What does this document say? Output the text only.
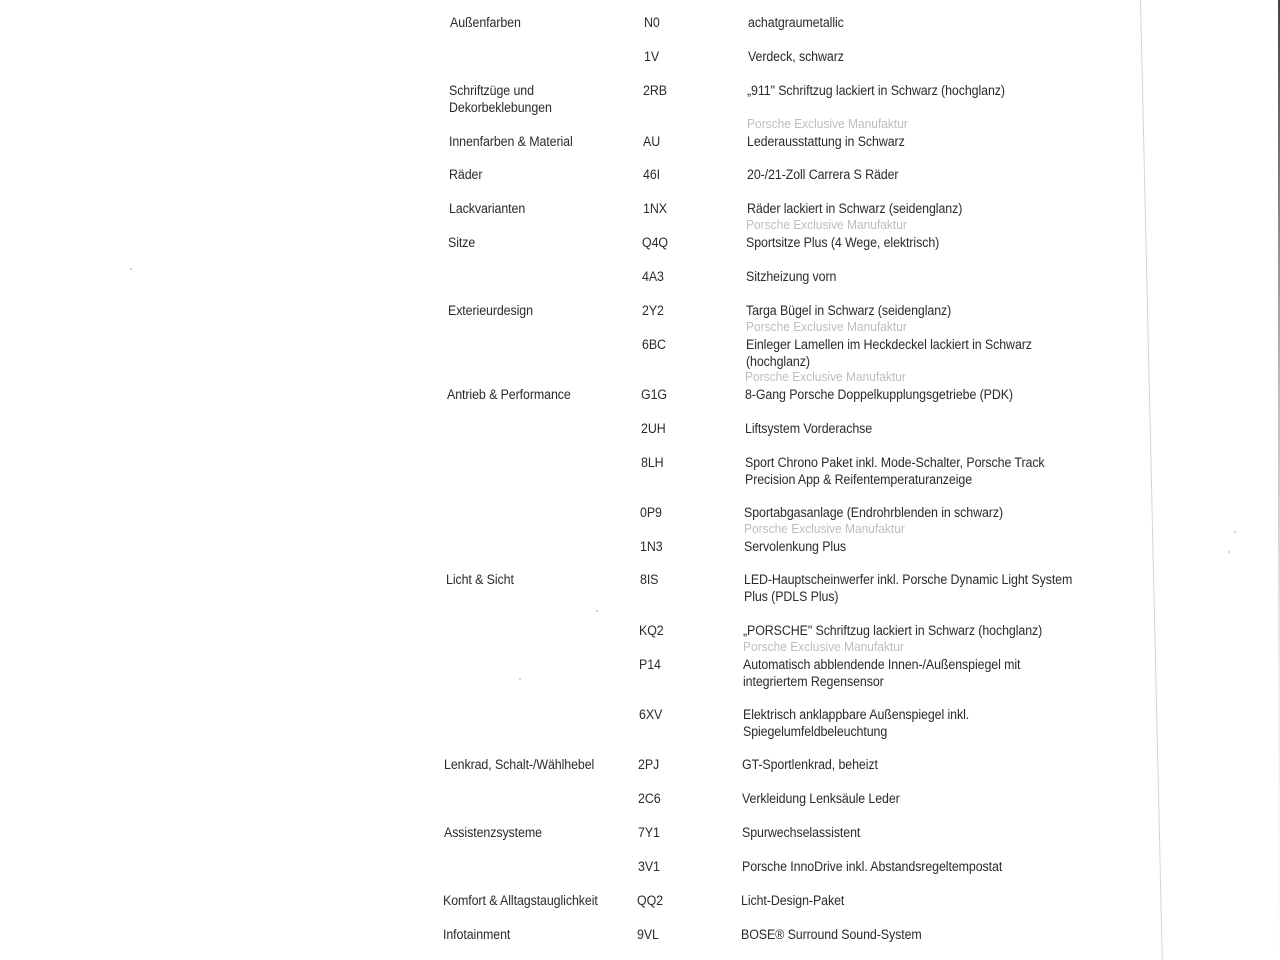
Außenfarben	N0	achatgraumetallic
1V	Verdeck, schwarz
Schriftzüge und
Dekorbeklebungen
2RB	„911" Schriftzug lackiert in Schwarz (hochglanz)
Innenfarben & Material	AU	Lederausstattung in Schwarz
Porsche Exclusive Manufaktur
Räder	46I	20-/21-Zoll Carrera S Räder
Lackvarianten	1NX	Räder lackiert in Schwarz (seidenglanz)
Sitze	Q4Q	Sportsitze Plus (4 Wege, elektrisch)
Porsche Exclusive Manufaktur
4A3	Sitzheizung vorn
Exterieurdesign	2Y2	Targa Bügel in Schwarz (seidenglanz)
6BC	Einleger Lamellen im Heckdeckel lackiert in Schwarz
(hochglanz)
Porsche Exclusive Manufaktur
Antrieb & Performance	G1G	8-Gang Porsche Doppelkupplungsgetriebe (PDK)
Porsche Exclusive Manufaktur
2UH	Liftsystem Vorderachse
8LH	Sport Chrono Paket inkl. Mode-Schalter, Porsche Track
Precision App & Reifentemperaturanzeige
0P9	Sportabgasanlage (Endrohrblenden in schwarz)
1N3	Servolenkung Plus
Porsche Exclusive Manufaktur
Licht & Sicht	8IS	LED-Hauptscheinwerfer inkl. Porsche Dynamic Light System
Plus (PDLS Plus)
KQ2	„PORSCHE" Schriftzug lackiert in Schwarz (hochglanz)
P14	Automatisch abblendende Innen-/Außenspiegel mit
integriertem Regensensor
Porsche Exclusive Manufaktur
6XV	Elektrisch anklappbare Außenspiegel inkl.
Spiegelumfeldbeleuchtung
Lenkrad, Schalt-/Wählhebel	2PJ	GT-Sportlenkrad, beheizt
2C6	Verkleidung Lenksäule Leder
Assistenzsysteme	7Y1	Spurwechselassistent
3V1	Porsche InnoDrive inkl. Abstandsregeltempostat
Komfort & Alltagstauglichkeit	QQ2	Licht-Design-Paket
Infotainment	9VL	BOSE® Surround Sound-System
